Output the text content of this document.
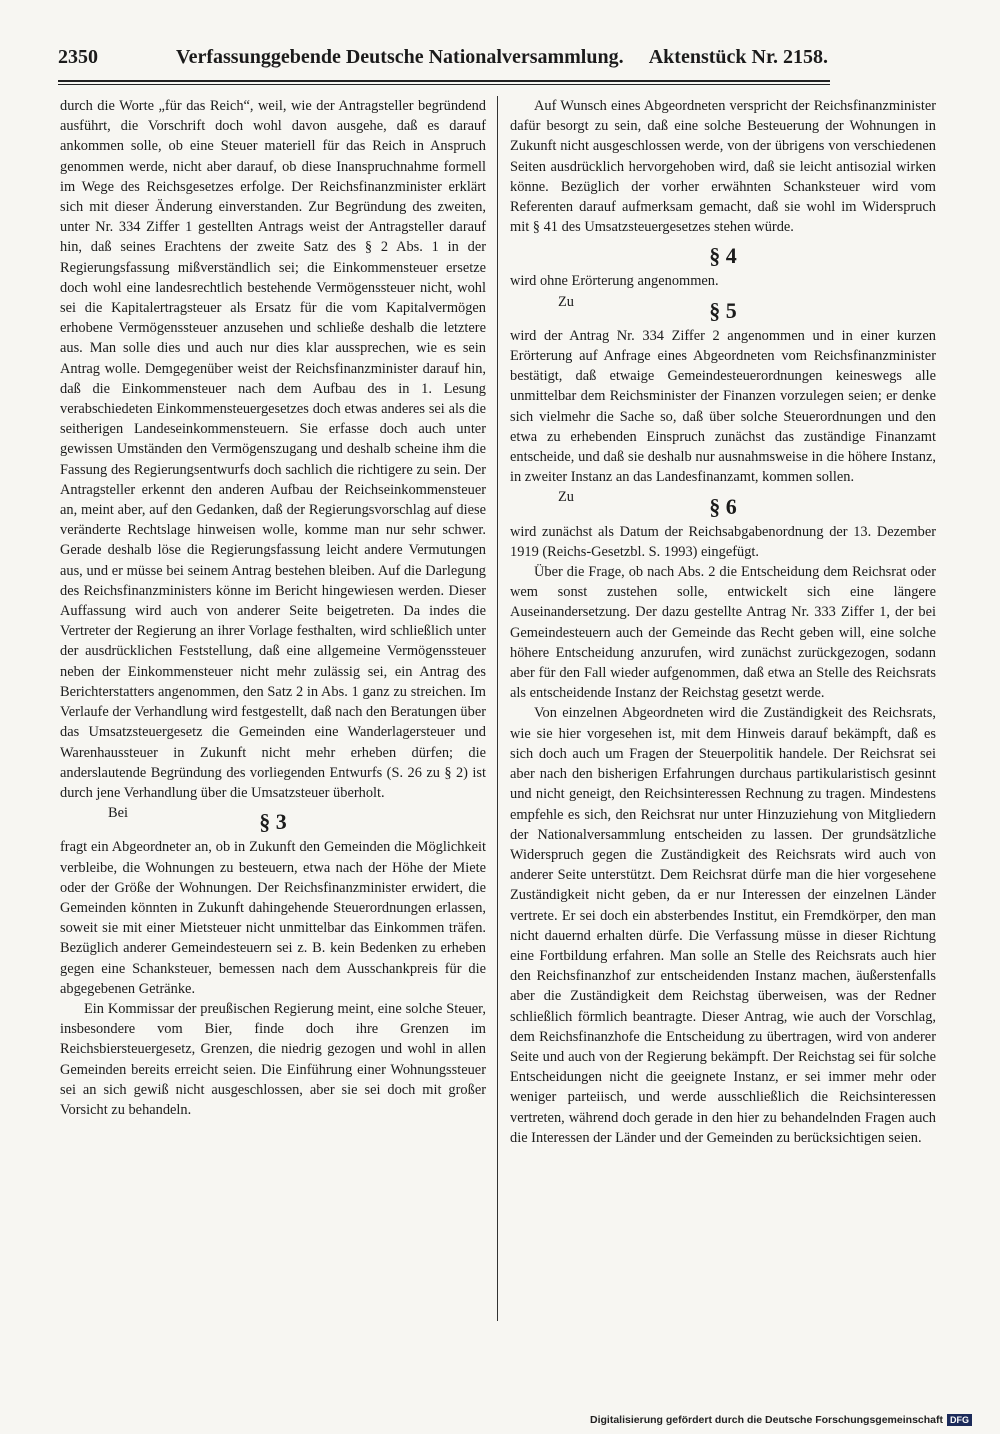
2350	Verfassunggebende Deutsche Nationalversammlung. Aktenstück Nr. 2158.

durch die Worte „für das Reich“, weil, wie der Antragsteller begründend ausführt, die Vorschrift doch wohl davon ausgehe, daß es darauf ankommen solle, ob eine Steuer materiell für das Reich in Anspruch genommen werde, nicht aber darauf, ob diese Inanspruchnahme formell im Wege des Reichsgesetzes erfolge. Der Reichsfinanzminister erklärt sich mit dieser Änderung einverstanden. Zur Begründung des zweiten, unter Nr. 334 Ziffer 1 gestellten Antrags weist der Antragsteller darauf hin, daß seines Erachtens der zweite Satz des § 2 Abs. 1 in der Regierungsfassung mißverständlich sei; die Einkommensteuer ersetze doch wohl eine landesrechtlich bestehende Vermögenssteuer nicht, wohl sei die Kapitalertragsteuer als Ersatz für die vom Kapitalvermögen erhobene Vermögenssteuer anzusehen und schließe deshalb die letztere aus. Man solle dies und auch nur dies klar aussprechen, wie es sein Antrag wolle. Demgegenüber weist der Reichsfinanzminister darauf hin, daß die Einkommensteuer nach dem Aufbau des in 1. Lesung verabschiedeten Einkommensteuergesetzes doch etwas anderes sei als die seitherigen Landeseinkommensteuern. Sie erfasse doch auch unter gewissen Umständen den Vermögenszugang und deshalb scheine ihm die Fassung des Regierungsentwurfs doch sachlich die richtigere zu sein. Der Antragsteller erkennt den anderen Aufbau der Reichseinkommensteuer an, meint aber, auf den Gedanken, daß der Regierungsvorschlag auf diese veränderte Rechtslage hinweisen wolle, komme man nur sehr schwer. Gerade deshalb löse die Regierungsfassung leicht andere Vermutungen aus, und er müsse bei seinem Antrag bestehen bleiben. Auf die Darlegung des Reichsfinanzministers könne im Bericht hingewiesen werden. Dieser Auffassung wird auch von anderer Seite beigetreten. Da indes die Vertreter der Regierung an ihrer Vorlage festhalten, wird schließlich unter der ausdrücklichen Feststellung, daß eine allgemeine Vermögenssteuer neben der Einkommensteuer nicht mehr zulässig sei, ein Antrag des Berichterstatters angenommen, den Satz 2 in Abs. 1 ganz zu streichen. Im Verlaufe der Verhandlung wird festgestellt, daß nach den Beratungen über das Umsatzsteuergesetz die Gemeinden eine Wanderlagersteuer und Warenhaussteuer in Zukunft nicht mehr erheben dürfen; die anderslautende Begründung des vorliegenden Entwurfs (S. 26 zu § 2) ist durch jene Verhandlung über die Umsatzsteuer überholt.

Bei	§ 3

fragt ein Abgeordneter an, ob in Zukunft den Gemeinden die Möglichkeit verbleibe, die Wohnungen zu besteuern, etwa nach der Höhe der Miete oder der Größe der Wohnungen. Der Reichsfinanzminister erwidert, die Gemeinden könnten in Zukunft dahingehende Steuerordnungen erlassen, soweit sie mit einer Mietsteuer nicht unmittelbar das Einkommen träfen. Bezüglich anderer Gemeindesteuern sei z. B. kein Bedenken zu erheben gegen eine Schanksteuer, bemessen nach dem Ausschankpreis für die abgegebenen Getränke.

Ein Kommissar der preußischen Regierung meint, eine solche Steuer, insbesondere vom Bier, finde doch ihre Grenzen im Reichsbiersteuergesetz, Grenzen, die niedrig gezogen und wohl in allen Gemeinden bereits erreicht seien. Die Einführung einer Wohnungssteuer sei an sich gewiß nicht ausgeschlossen, aber sie sei doch mit großer Vorsicht zu behandeln.

Auf Wunsch eines Abgeordneten verspricht der Reichsfinanzminister dafür besorgt zu sein, daß eine solche Besteuerung der Wohnungen in Zukunft nicht ausgeschlossen werde, von der übrigens von verschiedenen Seiten ausdrücklich hervorgehoben wird, daß sie leicht antisozial wirken könne. Bezüglich der vorher erwähnten Schanksteuer wird vom Referenten darauf aufmerksam gemacht, daß sie wohl im Widerspruch mit § 41 des Umsatzsteuergesetzes stehen würde.

§ 4

wird ohne Erörterung angenommen.

Zu	§ 5

wird der Antrag Nr. 334 Ziffer 2 angenommen und in einer kurzen Erörterung auf Anfrage eines Abgeordneten vom Reichsfinanzminister bestätigt, daß etwaige Gemeindesteuerordnungen keineswegs alle unmittelbar dem Reichsminister der Finanzen vorzulegen seien; er denke sich vielmehr die Sache so, daß über solche Steuerordnungen und den etwa zu erhebenden Einspruch zunächst das zuständige Finanzamt entscheide, und daß sie deshalb nur ausnahmsweise in die höhere Instanz, in zweiter Instanz an das Landesfinanzamt, kommen sollen.

Zu	§ 6

wird zunächst als Datum der Reichsabgabenordnung der 13. Dezember 1919 (Reichs-Gesetzbl. S. 1993) eingefügt.

Über die Frage, ob nach Abs. 2 die Entscheidung dem Reichsrat oder wem sonst zustehen solle, entwickelt sich eine längere Auseinandersetzung. Der dazu gestellte Antrag Nr. 333 Ziffer 1, der bei Gemeindesteuern auch der Gemeinde das Recht geben will, eine solche höhere Entscheidung anzurufen, wird zunächst zurückgezogen, sodann aber für den Fall wieder aufgenommen, daß etwa an Stelle des Reichsrats als entscheidende Instanz der Reichstag gesetzt werde.

Von einzelnen Abgeordneten wird die Zuständigkeit des Reichsrats, wie sie hier vorgesehen ist, mit dem Hinweis darauf bekämpft, daß es sich doch auch um Fragen der Steuerpolitik handele. Der Reichsrat sei aber nach den bisherigen Erfahrungen durchaus partikularistisch gesinnt und nicht geneigt, den Reichsinteressen Rechnung zu tragen. Mindestens empfehle es sich, den Reichsrat nur unter Hinzuziehung von Mitgliedern der Nationalversammlung entscheiden zu lassen. Der grundsätzliche Widerspruch gegen die Zuständigkeit des Reichsrats wird auch von anderer Seite unterstützt. Dem Reichsrat dürfe man die hier vorgesehene Zuständigkeit nicht geben, da er nur Interessen der einzelnen Länder vertrete. Er sei doch ein absterbendes Institut, ein Fremdkörper, den man nicht dauernd erhalten dürfe. Die Verfassung müsse in dieser Richtung eine Fortbildung erfahren. Man solle an Stelle des Reichsrats auch hier den Reichsfinanzhof zur entscheidenden Instanz machen, äußerstenfalls aber die Zuständigkeit dem Reichstag überweisen, was der Redner schließlich förmlich beantragte. Dieser Antrag, wie auch der Vorschlag, dem Reichsfinanzhofe die Entscheidung zu übertragen, wird von anderer Seite und auch von der Regierung bekämpft. Der Reichstag sei für solche Entscheidungen nicht die geeignete Instanz, er sei immer mehr oder weniger parteiisch, und werde ausschließlich die Reichsinteressen vertreten, während doch gerade in den hier zu behandelnden Fragen auch die Interessen der Länder und der Gemeinden zu berücksichtigen seien.

Digitalisierung gefördert durch die Deutsche Forschungsgemeinschaft DFG
